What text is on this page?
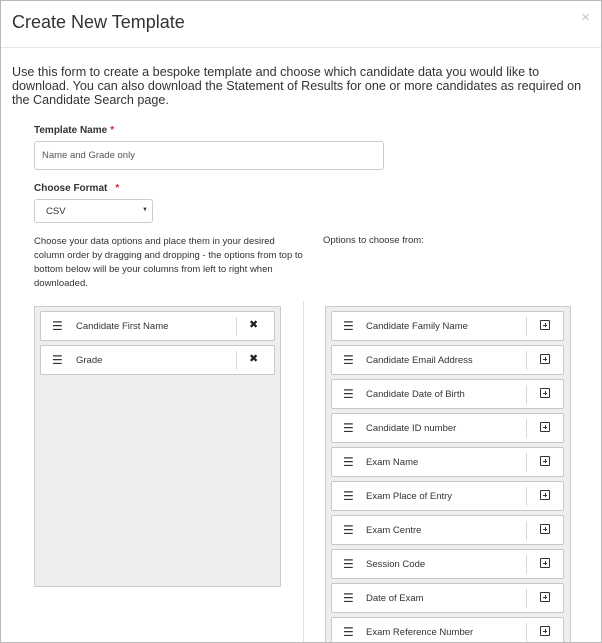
Create New Template	×
Use this form to create a bespoke template and choose which candidate data you would like to download. You can also download the Statement of Results for one or more candidates as required on the Candidate Search page.
Template Name *
Name and Grade only
Choose Format *
CSV	▼
Choose your data options and place them in your desired column order by dragging and dropping - the options from top to bottom below will be your columns from left to right when downloaded.
Options to choose from:
☰ Candidate First Name	✖
☰ Grade	✖
☰ Candidate Family Name
☰ Candidate Email Address
☰ Candidate Date of Birth
☰ Candidate ID number
☰ Exam Name
☰ Exam Place of Entry
☰ Exam Centre
☰ Session Code
☰ Date of Exam
☰ Exam Reference Number
